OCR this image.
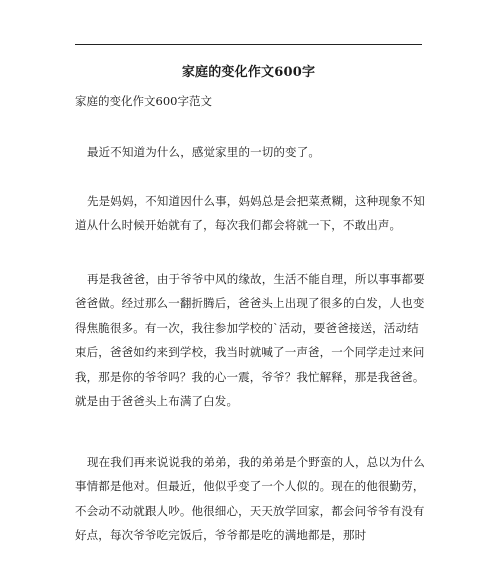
家庭的变化作文600字
家庭的变化作文600字范文

最近不知道为什么，感觉家里的一切的变了。

先是妈妈，不知道因什么事，妈妈总是会把菜煮糊，这种现象不知道从什么时候开始就有了，每次我们都会将就一下，不敢出声。

再是我爸爸，由于爷爷中风的缘故，生活不能自理，所以事事都要爸爸做。经过那么一翻折腾后，爸爸头上出现了很多的白发，人也变得焦脆很多。有一次，我往参加学校的`活动，要爸爸接送，活动结束后，爸爸如约来到学校，我当时就喊了一声爸，一个同学走过来问我，那是你的爷爷吗？我的心一震，爷爷？我忙解释，那是我爸爸。就是由于爸爸头上布满了白发。

现在我们再来说说我的弟弟，我的弟弟是个野蛮的人，总以为什么事情都是他对。但最近，他似乎变了一个人似的。现在的他很勤劳，不会动不动就跟人吵。他很细心，天天放学回家，都会问爷爷有没有好点，每次爷爷吃完饭后，爷爷都是吃的满地都是，那时
